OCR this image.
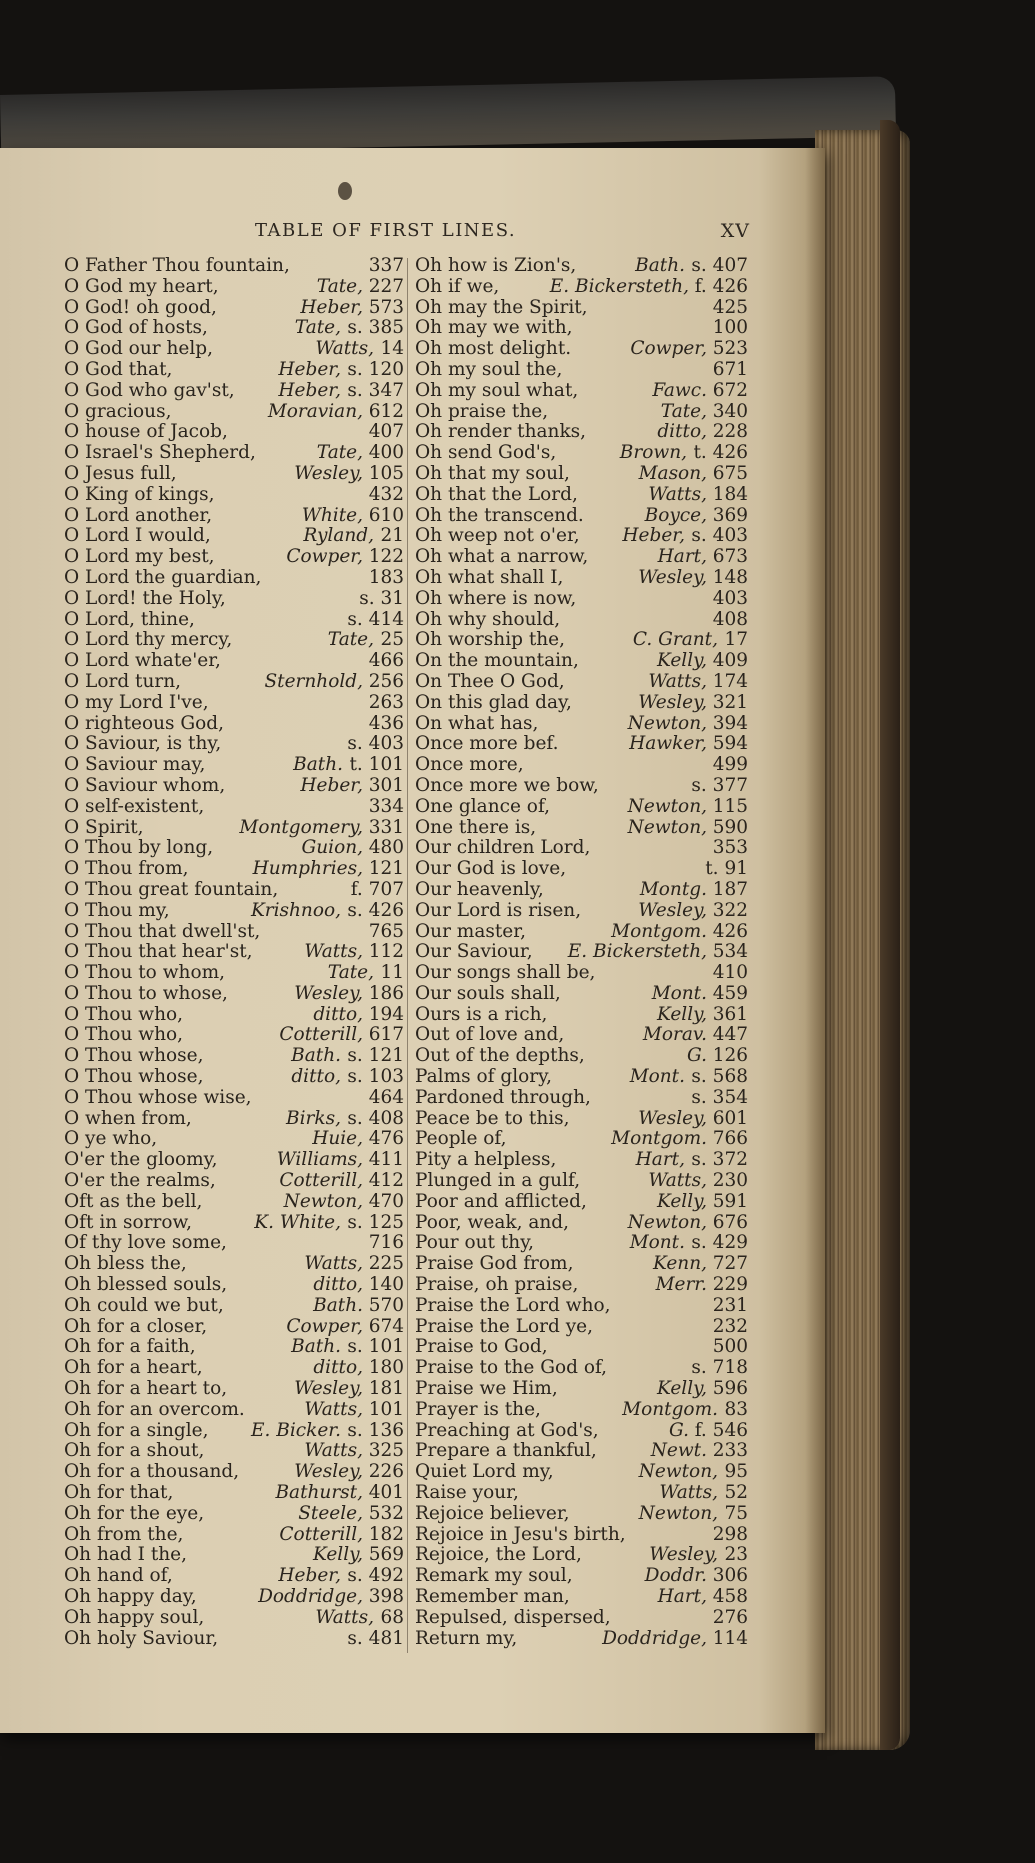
TABLE OF FIRST LINES.	XV
O Father Thou fountain,	337
O God my heart,	Tate, 227
O God! oh good,	Heber, 573
O God of hosts,	Tate, s. 385
O God our help,	Watts, 14
O God that,	Heber, s. 120
O God who gav'st, Heber, s. 347
O gracious,	Moravian, 612
O house of Jacob,	407
O Israel's Shepherd,	Tate, 400
O Jesus full,	Wesley, 105
O King of kings,	432
O Lord another,	White, 610
O Lord I would,	Ryland, 21
O Lord my best,	Cowper, 122
O Lord the guardian,	183
O Lord! the Holy,	s. 31
O Lord, thine,	s. 414
O Lord thy mercy,	Tate, 25
O Lord whate'er,	466
O Lord turn,	Sternhold, 256
O my Lord I've,	263
O righteous God,	436
O Saviour, is thy,	s. 403
O Saviour may,	Bath. t. 101
O Saviour whom,	Heber, 301
O self-existent,	334
O Spirit,	Montgomery, 331
O Thou by long,	Guion, 480
O Thou from,	Humphries, 121
O Thou great fountain,	f. 707
O Thou my,	Krishnoo, s. 426
O Thou that dwell'st,	765
O Thou that hear'st,	Watts, 112
O Thou to whom,	Tate, 11
O Thou to whose,	Wesley, 186
O Thou who,	ditto, 194
O Thou who,	Cotterill, 617
O Thou whose,	Bath. s. 121
O Thou whose,	ditto, s. 103
O Thou whose wise,	464
O when from,	Birks, s. 408
O ye who,	Huie, 476
O'er the gloomy,	Williams, 411
O'er the realms,	Cotterill, 412
Oft as the bell,	Newton, 470
Oft in sorrow,	K. White, s. 125
Of thy love some,	716
Oh bless the,	Watts, 225
Oh blessed souls,	ditto, 140
Oh could we but,	Bath. 570
Oh for a closer,	Cowper, 674
Oh for a faith,	Bath. s. 101
Oh for a heart,	ditto, 180
Oh for a heart to,	Wesley, 181
Oh for an overcom.	Watts, 101
Oh for a single, E. Bicker. s. 136
Oh for a shout,	Watts, 325
Oh for a thousand,	Wesley, 226
Oh for that,	Bathurst, 401
Oh for the eye,	Steele, 532
Oh from the,	Cotterill, 182
Oh had I the,	Kelly, 569
Oh hand of,	Heber, s. 492
Oh happy day,	Doddridge, 398
Oh happy soul,	Watts, 68
Oh holy Saviour,	s. 481
Oh how is Zion's,	Bath. s. 407
Oh if we,	E. Bickersteth, f. 426
Oh may the Spirit,	425
Oh may we with,	100
Oh most delight.	Cowper, 523
Oh my soul the,	671
Oh my soul what,	Fawc. 672
Oh praise the,	Tate, 340
Oh render thanks,	ditto, 228
Oh send God's,	Brown, t. 426
Oh that my soul,	Mason, 675
Oh that the Lord,	Watts, 184
Oh the transcend.	Boyce, 369
Oh weep not o'er, Heber, s. 403
Oh what a narrow,	Hart, 673
Oh what shall I,	Wesley, 148
Oh where is now,	403
Oh why should,	408
Oh worship the,	C. Grant, 17
On the mountain,	Kelly, 409
On Thee O God,	Watts, 174
On this glad day,	Wesley, 321
On what has,	Newton, 394
Once more bef.	Hawker, 594
Once more,	499
Once more we bow,	s. 377
One glance of,	Newton, 115
One there is,	Newton, 590
Our children Lord,	353
Our God is love,	t. 91
Our heavenly,	Montg. 187
Our Lord is risen,	Wesley, 322
Our master,	Montgom. 426
Our Saviour, E. Bickersteth, 534
Our songs shall be,	410
Our souls shall,	Mont. 459
Ours is a rich,	Kelly, 361
Out of love and,	Morav. 447
Out of the depths,	G. 126
Palms of glory,	Mont. s. 568
Pardoned through,	s. 354
Peace be to this,	Wesley, 601
People of,	Montgom. 766
Pity a helpless,	Hart, s. 372
Plunged in a gulf,	Watts, 230
Poor and afflicted,	Kelly, 591
Poor, weak, and,	Newton, 676
Pour out thy,	Mont. s. 429
Praise God from,	Kenn, 727
Praise, oh praise,	Merr. 229
Praise the Lord who,	231
Praise the Lord ye,	232
Praise to God,	500
Praise to the God of,	s. 718
Praise we Him,	Kelly, 596
Prayer is the,	Montgom. 83
Preaching at God's,	G. f. 546
Prepare a thankful,	Newt. 233
Quiet Lord my,	Newton, 95
Raise your,	Watts, 52
Rejoice believer,	Newton, 75
Rejoice in Jesu's birth,	298
Rejoice, the Lord,	Wesley, 23
Remark my soul,	Doddr. 306
Remember man,	Hart, 458
Repulsed, dispersed,	276
Return my,	Doddridge, 114
